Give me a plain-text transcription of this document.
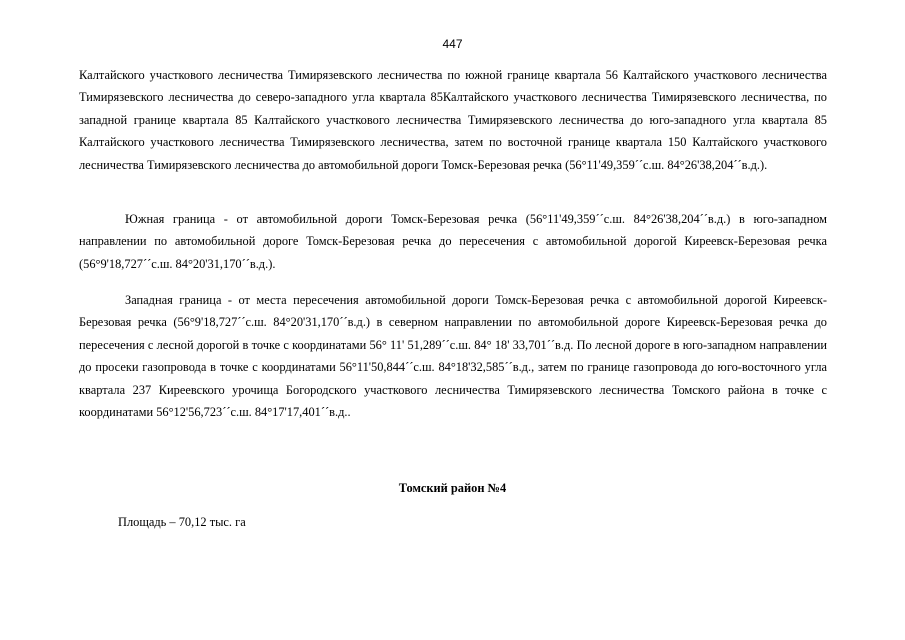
447

Калтайского участкового лесничества Тимирязевского лесничества по южной границе квартала 56 Калтайского участкового лесничества Тимирязевского лесничества до северо-западного угла квартала 85Калтайского участкового лесничества Тимирязевского лесничества, по западной границе квартала 85 Калтайского участкового лесничества Тимирязевского лесничества до юго-западного угла квартала 85 Калтайского участкового лесничества Тимирязевского лесничества, затем по восточной границе квартала 150 Калтайского участкового лесничества Тимирязевского лесничества до автомобильной дороги Томск-Березовая речка (56°11'49,359´´с.ш. 84°26'38,204´´в.д.).

Южная граница - от автомобильной дороги Томск-Березовая речка (56°11'49,359´´с.ш. 84°26'38,204´´в.д.) в юго-западном направлении по автомобильной дороге Томск-Березовая речка до пересечения с автомобильной дорогой Киреевск-Березовая речка (56°9'18,727´´с.ш. 84°20'31,170´´в.д.).

Западная граница - от места пересечения автомобильной дороги Томск-Березовая речка с автомобильной дорогой Киреевск-Березовая речка (56°9'18,727´´с.ш. 84°20'31,170´´в.д.) в северном направлении по автомобильной дороге Киреевск-Березовая речка до пересечения с лесной дорогой в точке с координатами 56° 11' 51,289´´с.ш. 84° 18' 33,701´´в.д. По лесной дороге в юго-западном направлении до просеки газопровода в точке с координатами 56°11'50,844´´с.ш. 84°18'32,585´´в.д., затем по границе газопровода до юго-восточного угла квартала 237 Киреевского урочища Богородского участкового лесничества Тимирязевского лесничества Томского района в точке с координатами 56°12'56,723´´с.ш. 84°17'17,401´´в.д..

Томский район №4
Площадь – 70,12 тыс. га
